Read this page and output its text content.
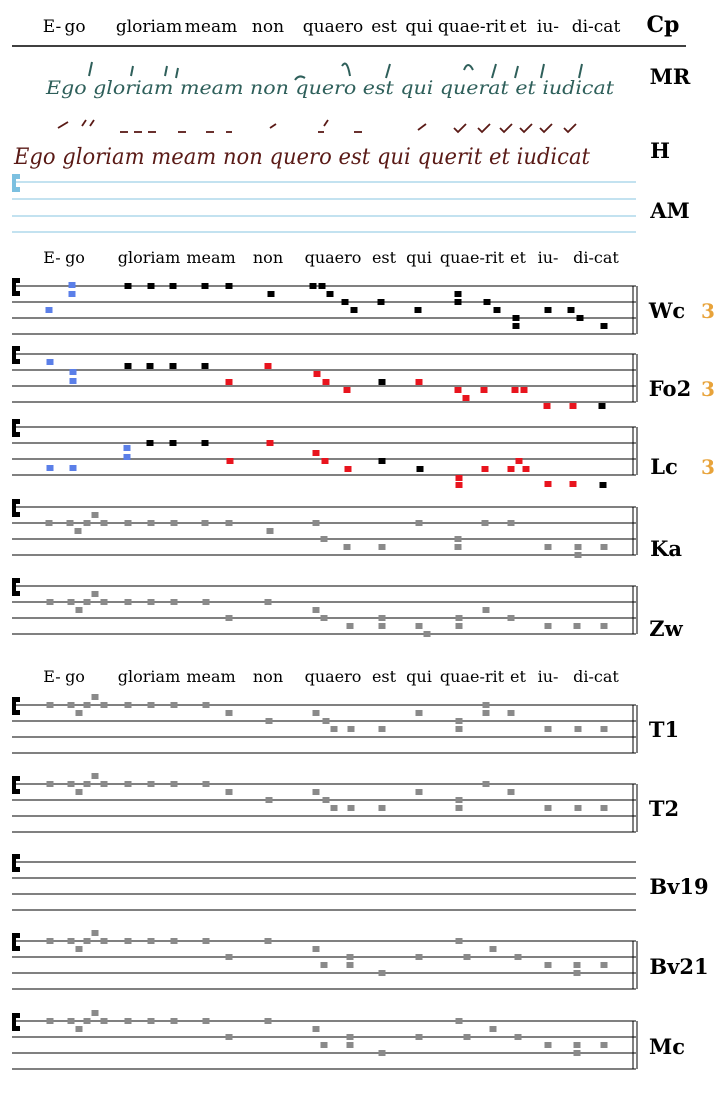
E- go gloriam meam non quaero est qui quae-rit et iu- di-cat Cp
Ego gloriam meam non quero est qui querat et iudicat MR
Ego gloriam meam non quero est qui querit et iudicat	H
AM
E- go gloriam meam non quaero est qui quae-rit et iu- di-cat
E- go gloriam meam non quaero est qui quae-rit et iu- di-cat
Wc 3
Fo2 3
Lc 3
Ka
Zw
T1
T2
Bv19
Bv21
Mc
